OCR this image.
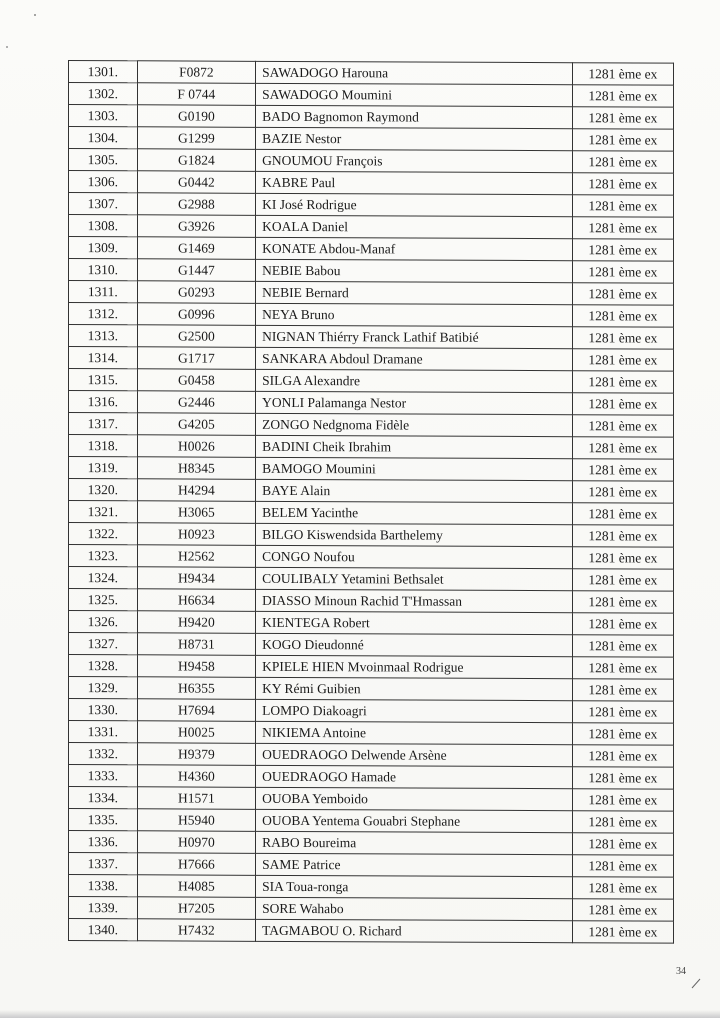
1301.	F0872	SAWADOGO Harouna	1281 ème ex
1302.	F 0744	SAWADOGO Moumini	1281 ème ex
1303.	G0190	BADO Bagnomon Raymond	1281 ème ex
1304.	G1299	BAZIE Nestor	1281 ème ex
1305.	G1824	GNOUMOU François	1281 ème ex
1306.	G0442	KABRE Paul	1281 ème ex
1307.	G2988	KI José Rodrigue	1281 ème ex
1308.	G3926	KOALA Daniel	1281 ème ex
1309.	G1469	KONATE Abdou-Manaf	1281 ème ex
1310.	G1447	NEBIE Babou	1281 ème ex
1311.	G0293	NEBIE Bernard	1281 ème ex
1312.	G0996	NEYA Bruno	1281 ème ex
1313.	G2500	NIGNAN Thiérry Franck Lathif Batibié	1281 ème ex
1314.	G1717	SANKARA Abdoul Dramane	1281 ème ex
1315.	G0458	SILGA Alexandre	1281 ème ex
1316.	G2446	YONLI Palamanga Nestor	1281 ème ex
1317.	G4205	ZONGO Nedgnoma Fidèle	1281 ème ex
1318.	H0026	BADINI Cheik Ibrahim	1281 ème ex
1319.	H8345	BAMOGO Moumini	1281 ème ex
1320.	H4294	BAYE Alain	1281 ème ex
1321.	H3065	BELEM Yacinthe	1281 ème ex
1322.	H0923	BILGO Kiswendsida Barthelemy	1281 ème ex
1323.	H2562	CONGO Noufou	1281 ème ex
1324.	H9434	COULIBALY Yetamini Bethsalet	1281 ème ex
1325.	H6634	DIASSO Minoun Rachid T'Hmassan	1281 ème ex
1326.	H9420	KIENTEGA Robert	1281 ème ex
1327.	H8731	KOGO Dieudonné	1281 ème ex
1328.	H9458	KPIELE HIEN Mvoinmaal Rodrigue	1281 ème ex
1329.	H6355	KY Rémi Guibien	1281 ème ex
1330.	H7694	LOMPO Diakoagri	1281 ème ex
1331.	H0025	NIKIEMA Antoine	1281 ème ex
1332.	H9379	OUEDRAOGO Delwende Arsène	1281 ème ex
1333.	H4360	OUEDRAOGO Hamade	1281 ème ex
1334.	H1571	OUOBA Yemboido	1281 ème ex
1335.	H5940	OUOBA Yentema Gouabri Stephane	1281 ème ex
1336.	H0970	RABO Boureima	1281 ème ex
1337.	H7666	SAME Patrice	1281 ème ex
1338.	H4085	SIA Toua-ronga	1281 ème ex
1339.	H7205	SORE Wahabo	1281 ème ex
1340.	H7432	TAGMABOU O. Richard	1281 ème ex
34
